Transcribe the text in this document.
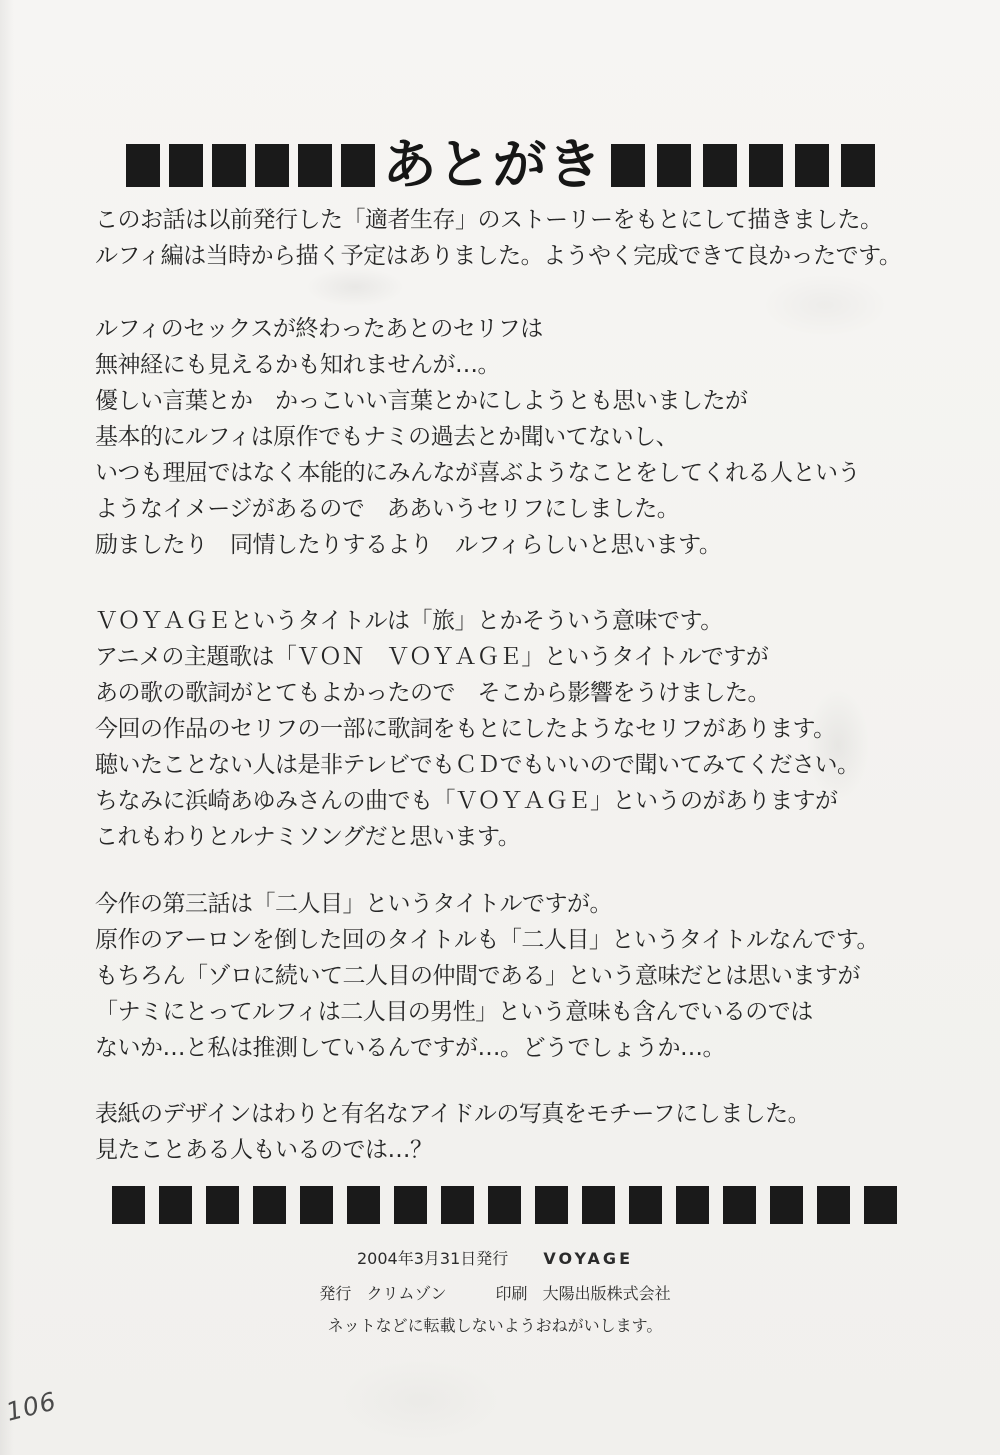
あとがき
このお話は以前発行した「適者生存」のストーリーをもとにして描きました。
ルフィ編は当時から描く予定はありました。ようやく完成できて良かったです。
ルフィのセックスが終わったあとのセリフは
無神経にも見えるかも知れませんが…。
優しい言葉とか　かっこいい言葉とかにしようとも思いましたが
基本的にルフィは原作でもナミの過去とか聞いてないし、
いつも理屈ではなく本能的にみんなが喜ぶようなことをしてくれる人という
ようなイメージがあるので　ああいうセリフにしました。
励ましたり　同情したりするより　ルフィらしいと思います。
ＶＯＹＡＧＥというタイトルは「旅」とかそういう意味です。
アニメの主題歌は「ＶＯＮ　ＶＯＹＡＧＥ」というタイトルですが
あの歌の歌詞がとてもよかったので　そこから影響をうけました。
今回の作品のセリフの一部に歌詞をもとにしたようなセリフがあります。
聴いたことない人は是非テレビでもＣＤでもいいので聞いてみてください。
ちなみに浜崎あゆみさんの曲でも「ＶＯＹＡＧＥ」というのがありますが
これもわりとルナミソングだと思います。
今作の第三話は「二人目」というタイトルですが。
原作のアーロンを倒した回のタイトルも「二人目」というタイトルなんです。
もちろん「ゾロに続いて二人目の仲間である」という意味だとは思いますが
「ナミにとってルフィは二人目の男性」という意味も含んでいるのでは
ないか…と私は推測しているんですが…。どうでしょうか…。
表紙のデザインはわりと有名なアイドルの写真をモチーフにしました。
見たことある人もいるのでは…？
2004年3月31日発行 VOYAGE
発行 クリムゾン	印刷 大陽出版株式会社
ネットなどに転載しないようおねがいします。
106
